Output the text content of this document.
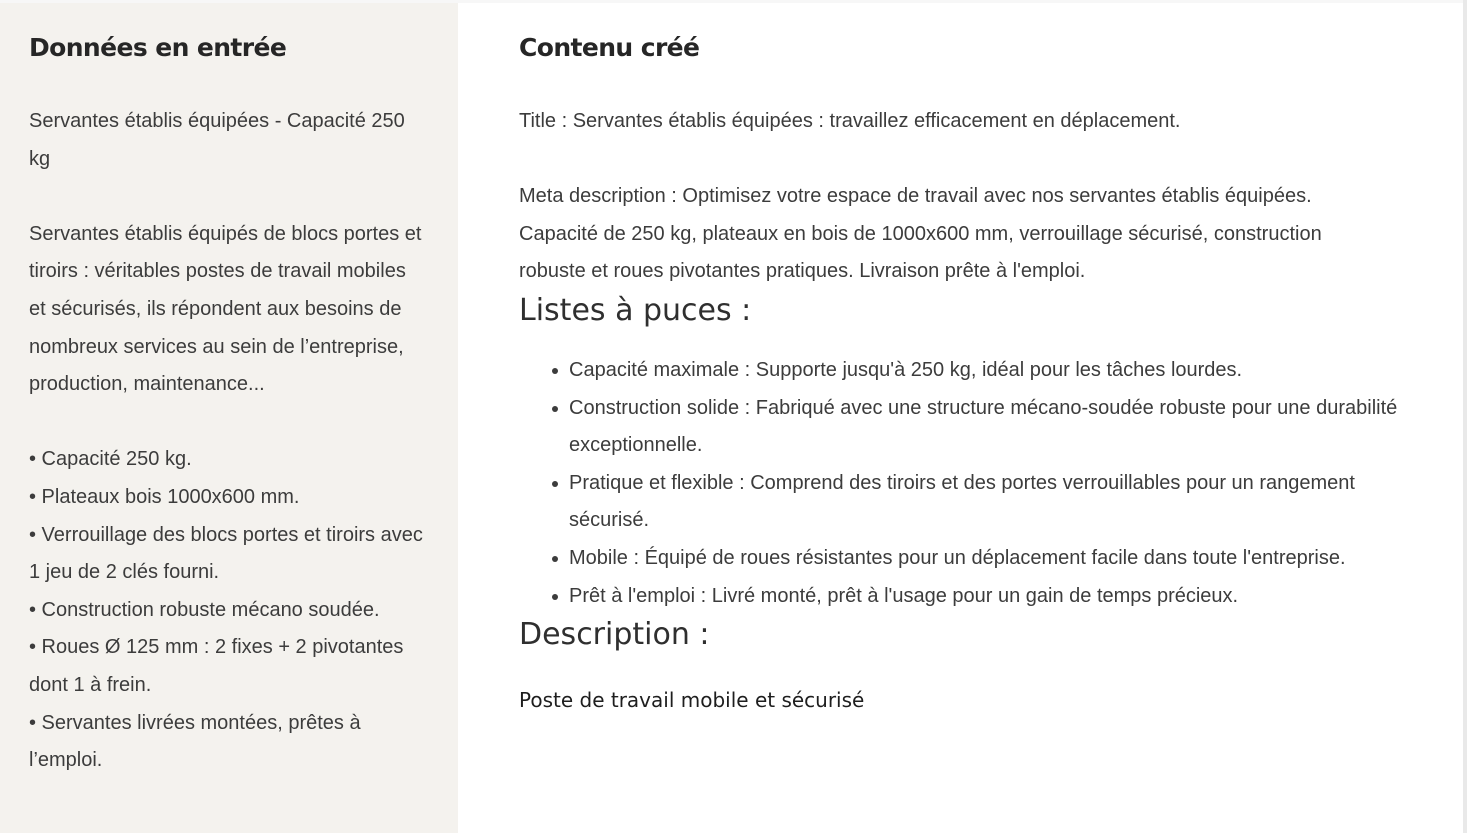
Données en entrée

Servantes établis équipées - Capacité 250 kg

Servantes établis équipés de blocs portes et tiroirs : véritables postes de travail mobiles et sécurisés, ils répondent aux besoins de nombreux services au sein de l’entreprise, production, maintenance...

• Capacité 250 kg.
• Plateaux bois 1000x600 mm.
• Verrouillage des blocs portes et tiroirs avec 1 jeu de 2 clés fourni.
• Construction robuste mécano soudée.
• Roues Ø 125 mm : 2 fixes + 2 pivotantes dont 1 à frein.
• Servantes livrées montées, prêtes à l’emploi.

Contenu créé

Title : Servantes établis équipées : travaillez efficacement en déplacement.

Meta description : Optimisez votre espace de travail avec nos servantes établis équipées. Capacité de 250 kg, plateaux en bois de 1000x600 mm, verrouillage sécurisé, construction robuste et roues pivotantes pratiques. Livraison prête à l'emploi.

Listes à puces :
Capacité maximale : Supporte jusqu'à 250 kg, idéal pour les tâches lourdes.
Construction solide : Fabriqué avec une structure mécano-soudée robuste pour une durabilité exceptionnelle.
Pratique et flexible : Comprend des tiroirs et des portes verrouillables pour un rangement sécurisé.
Mobile : Équipé de roues résistantes pour un déplacement facile dans toute l'entreprise.
Prêt à l'emploi : Livré monté, prêt à l'usage pour un gain de temps précieux.
Description :

Poste de travail mobile et sécurisé
